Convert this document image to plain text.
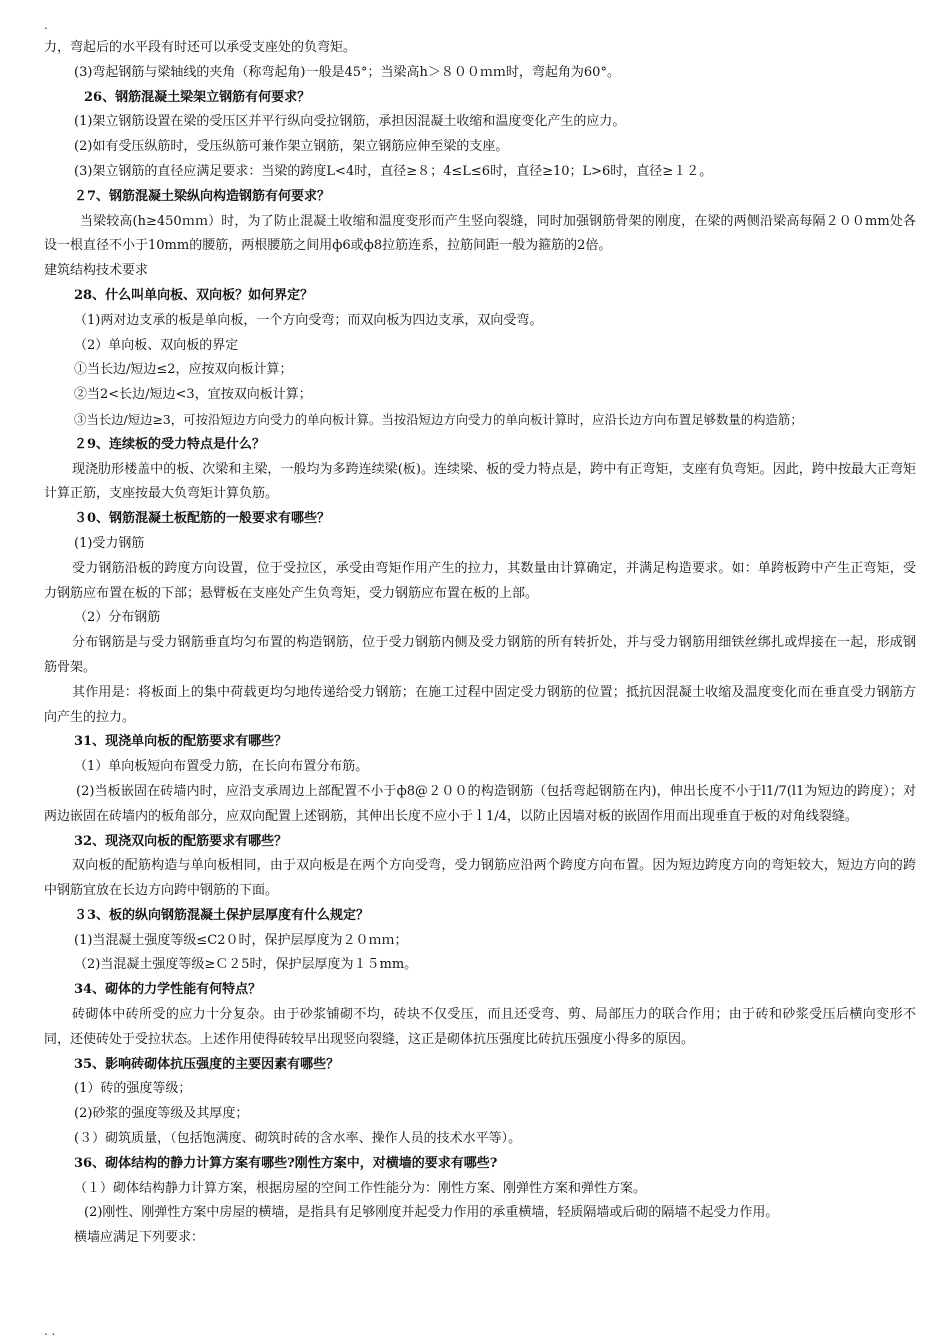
.
力，弯起后的水平段有时还可以承受支座处的负弯矩。
(3)弯起钢筋与梁轴线的夹角（称弯起角)一般是45°；当梁高h＞８００ｍｍ时，弯起角为60°。
26、钢筋混凝土梁架立钢筋有何要求？
(1)架立钢筋设置在梁的受压区并平行纵向受拉钢筋，承担因混凝土收缩和温度变化产生的应力。
(2)如有受压纵筋时，受压纵筋可兼作架立钢筋，架立钢筋应伸至梁的支座。
(3)架立钢筋的直径应满足要求：当梁的跨度L<4时，直径≥８；4≤L≤6时，直径≥10；L>6时，直径≥１２。
２7、钢筋混凝土梁纵向构造钢筋有何要求？
当梁较高(h≥450ｍｍ）时，为了防止混凝土收缩和温度变形而产生竖向裂缝，同时加强钢筋骨架的刚度，在梁的两侧沿梁高每隔２００mm处各设一根直径不小于10mm的腰筋，两根腰筋之间用ф6或ф8拉筋连系，拉筋间距一般为箍筋的2倍。
建筑结构技术要求
28、什么叫单向板、双向板？如何界定？
（1)两对边支承的板是单向板，一个方向受弯；而双向板为四边支承，双向受弯。
（2）单向板、双向板的界定
①当长边/短边≤2，应按双向板计算；
②当2<长边/短边<3，宜按双向板计算；
③当长边/短边≥3，可按沿短边方向受力的单向板计算。当按沿短边方向受力的单向板计算时，应沿长边方向布置足够数量的构造筋；
２9、连续板的受力特点是什么？
现浇肋形楼盖中的板、次梁和主梁，一般均为多跨连续梁(板)。连续梁、板的受力特点是，跨中有正弯矩，支座有负弯矩。因此，跨中按最大正弯矩计算正筋，支座按最大负弯矩计算负筋。
３0、钢筋混凝土板配筋的一般要求有哪些？
(1)受力钢筋
受力钢筋沿板的跨度方向设置，位于受拉区，承受由弯矩作用产生的拉力，其数量由计算确定，并满足构造要求。如：单跨板跨中产生正弯矩，受力钢筋应布置在板的下部；悬臂板在支座处产生负弯矩，受力钢筋应布置在板的上部。
（2）分布钢筋
分布钢筋是与受力钢筋垂直均匀布置的构造钢筋，位于受力钢筋内侧及受力钢筋的所有转折处，并与受力钢筋用细铁丝绑扎或焊接在一起，形成钢筋骨架。
其作用是：将板面上的集中荷载更均匀地传递给受力钢筋；在施工过程中固定受力钢筋的位置；抵抗因混凝土收缩及温度变化而在垂直受力钢筋方向产生的拉力。
31、现浇单向板的配筋要求有哪些？
（1）单向板短向布置受力筋，在长向布置分布筋。
(2)当板嵌固在砖墙内时，应沿支承周边上部配置不小于ф8@２００的构造钢筋（包括弯起钢筋在内)，伸出长度不小于l1/7(l1为短边的跨度）；对两边嵌固在砖墙内的板角部分，应双向配置上述钢筋，其伸出长度不应小于ｌ1/4，以防止因墙对板的嵌固作用而出现垂直于板的对角线裂缝。
32、现浇双向板的配筋要求有哪些？
双向板的配筋构造与单向板相同，由于双向板是在两个方向受弯，受力钢筋应沿两个跨度方向布置。因为短边跨度方向的弯矩较大，短边方向的跨中钢筋宜放在长边方向跨中钢筋的下面。
３3、板的纵向钢筋混凝土保护层厚度有什么规定？
(1)当混凝土强度等级≤C2０时，保护层厚度为２０ｍｍ；
（2)当混凝土强度等级≥Ｃ２5时，保护层厚度为１５mm。
34、砌体的力学性能有何特点？
砖砌体中砖所受的应力十分复杂。由于砂浆铺砌不均，砖块不仅受压，而且还受弯、剪、局部压力的联合作用；由于砖和砂浆受压后横向变形不同，还使砖处于受拉状态。上述作用使得砖较早出现竖向裂缝，这正是砌体抗压强度比砖抗压强度小得多的原因。
35、影响砖砌体抗压强度的主要因素有哪些？
(1）砖的强度等级；
(2)砂浆的强度等级及其厚度；
(３）砌筑质量，（包括饱满度、砌筑时砖的含水率、操作人员的技术水平等）。
36、砌体结构的静力计算方案有哪些?刚性方案中，对横墙的要求有哪些?
（１）砌体结构静力计算方案，根据房屋的空间工作性能分为：刚性方案、刚弹性方案和弹性方案。
(2)刚性、刚弹性方案中房屋的横墙，是指具有足够刚度并起受力作用的承重横墙，轻质隔墙或后砌的隔墙不起受力作用。
横墙应满足下列要求：
. .
